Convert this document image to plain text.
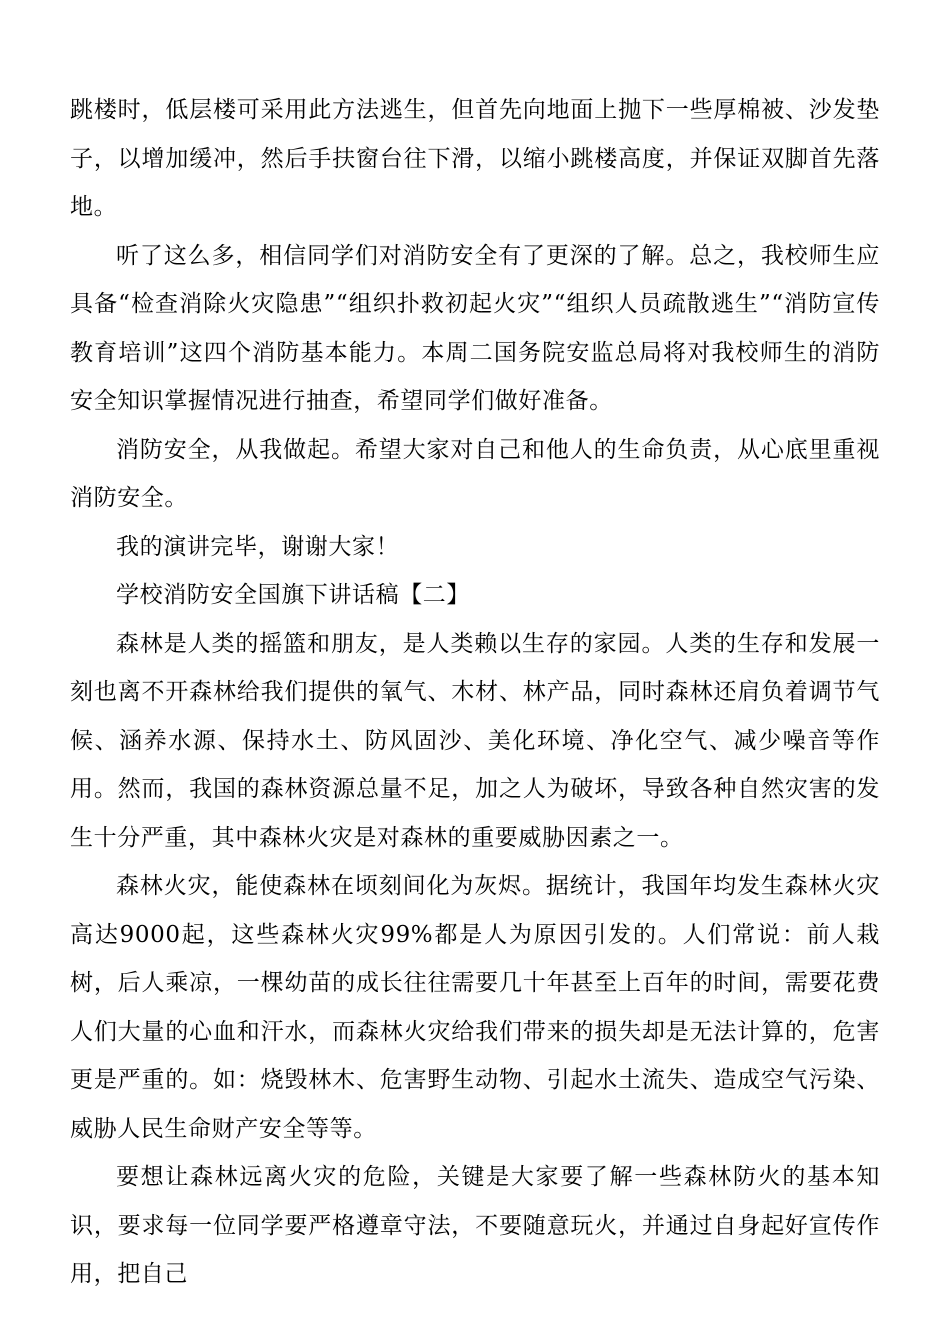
跳楼时，低层楼可采用此方法逃生，但首先向地面上抛下一些厚棉被、沙发垫子，以增加缓冲，然后手扶窗台往下滑，以缩小跳楼高度，并保证双脚首先落地。

听了这么多，相信同学们对消防安全有了更深的了解。总之，我校师生应具备“检查消除火灾隐患”“组织扑救初起火灾”“组织人员疏散逃生”“消防宣传教育培训”这四个消防基本能力。本周二国务院安监总局将对我校师生的消防安全知识掌握情况进行抽查，希望同学们做好准备。

消防安全，从我做起。希望大家对自己和他人的生命负责，从心底里重视消防安全。

我的演讲完毕，谢谢大家！

学校消防安全国旗下讲话稿【二】

森林是人类的摇篮和朋友，是人类赖以生存的家园。人类的生存和发展一刻也离不开森林给我们提供的氧气、木材、林产品，同时森林还肩负着调节气候、涵养水源、保持水土、防风固沙、美化环境、净化空气、减少噪音等作用。然而，我国的森林资源总量不足，加之人为破坏，导致各种自然灾害的发生十分严重，其中森林火灾是对森林的重要威胁因素之一。

森林火灾，能使森林在顷刻间化为灰烬。据统计，我国年均发生森林火灾高达9000起，这些森林火灾99%都是人为原因引发的。人们常说：前人栽树，后人乘凉，一棵幼苗的成长往往需要几十年甚至上百年的时间，需要花费人们大量的心血和汗水，而森林火灾给我们带来的损失却是无法计算的，危害更是严重的。如：烧毁林木、危害野生动物、引起水土流失、造成空气污染、威胁人民生命财产安全等等。

要想让森林远离火灾的危险，关键是大家要了解一些森林防火的基本知识，要求每一位同学要严格遵章守法，不要随意玩火，并通过自身起好宣传作用，把自己
